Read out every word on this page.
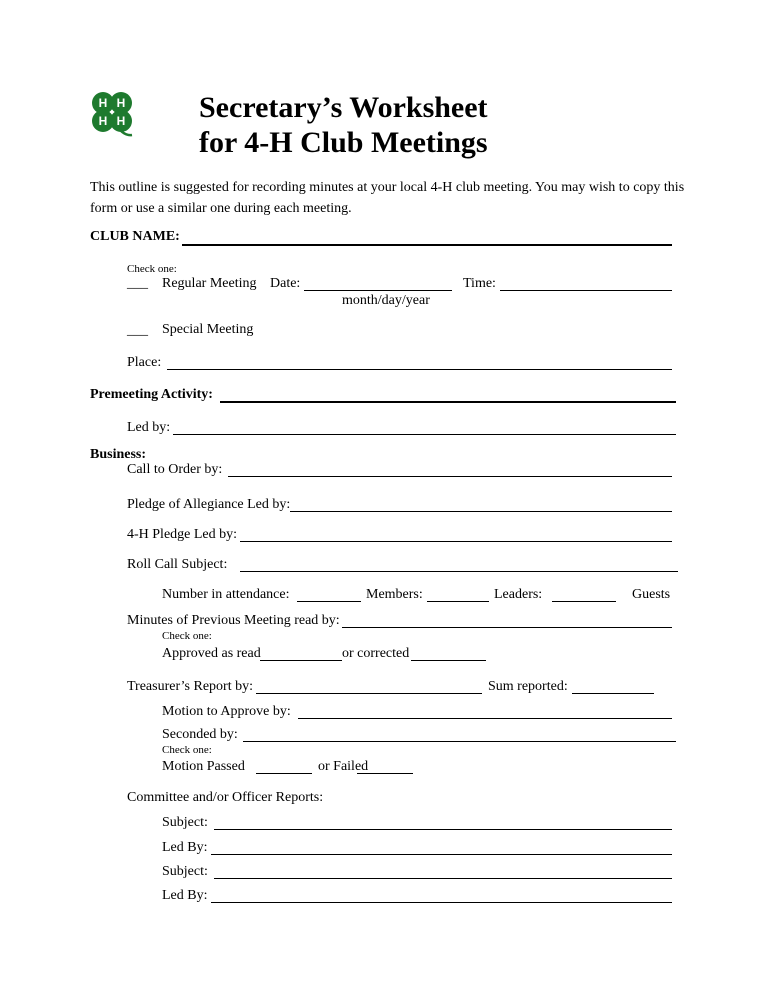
H H
H H Secretary’s Worksheet
for 4-H Club Meetings
This outline is suggested for recording minutes at your local 4-H club meeting. You may wish to copy this form or use a similar one during each meeting.
CLUB NAME:
Check one:
___ Regular Meeting Date:	Time:
month/day/year
___ Special Meeting
Place:
Premeeting Activity:
Led by:
Business:
Call to Order by:
Pledge of Allegiance Led by:
4-H Pledge Led by:
Roll Call Subject:
Number in attendance:	Members:	Leaders:	Guests
Minutes of Previous Meeting read by:
Check one:
Approved as read	or corrected
Treasurer’s Report by:	Sum reported:
Motion to Approve by:
Seconded by:
Check one:
Motion Passed	or Failed
Committee and/or Officer Reports:
Subject:
Led By:
Subject:
Led By:
